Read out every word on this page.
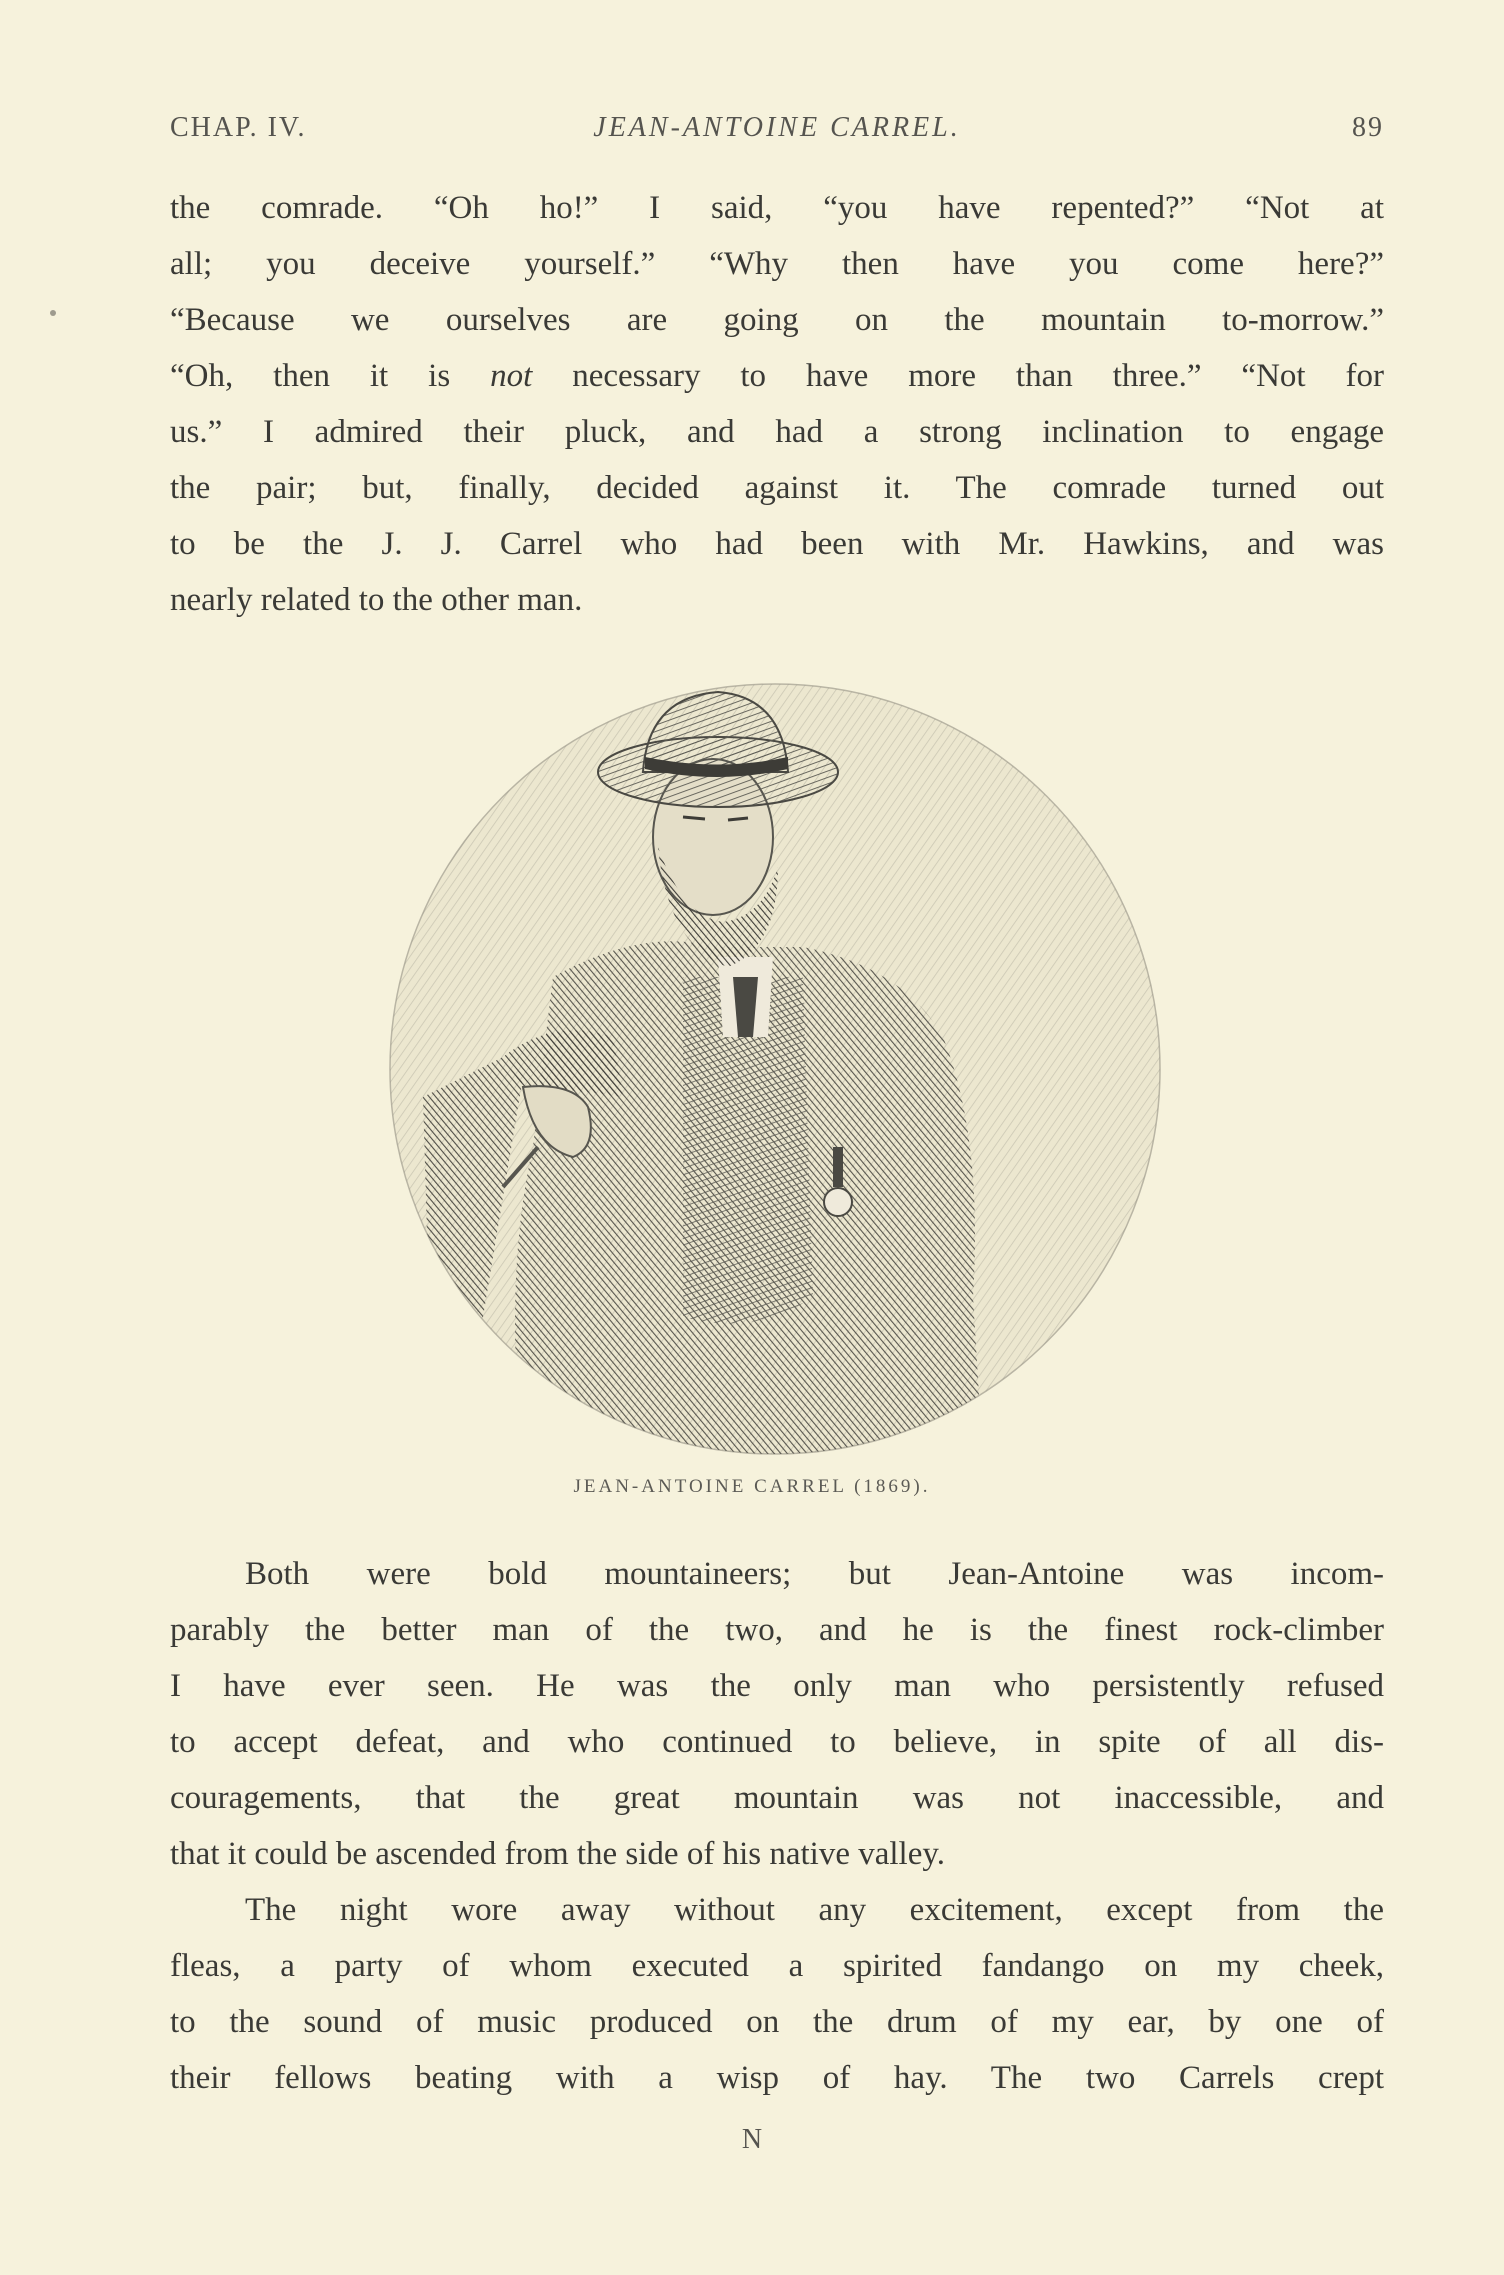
CHAP. IV.	JEAN-ANTOINE CARREL.	89
the comrade. “Oh ho!” I said, “you have repented?” “Not at
all; you deceive yourself.” “Why then have you come here?”
“Because we ourselves are going on the mountain to-morrow.”
“Oh, then it is not necessary to have more than three.” “Not for
us.” I admired their pluck, and had a strong inclination to engage
the pair; but, finally, decided against it. The comrade turned out
to be the J. J. Carrel who had been with Mr. Hawkins, and was
nearly related to the other man.
JEAN-ANTOINE CARREL (1869).
Both were bold mountaineers; but Jean-Antoine was incom-
parably the better man of the two, and he is the finest rock-climber
I have ever seen. He was the only man who persistently refused
to accept defeat, and who continued to believe, in spite of all dis-
couragements, that the great mountain was not inaccessible, and
that it could be ascended from the side of his native valley.
The night wore away without any excitement, except from the
fleas, a party of whom executed a spirited fandango on my cheek,
to the sound of music produced on the drum of my ear, by one of
their fellows beating with a wisp of hay. The two Carrels crept
N
